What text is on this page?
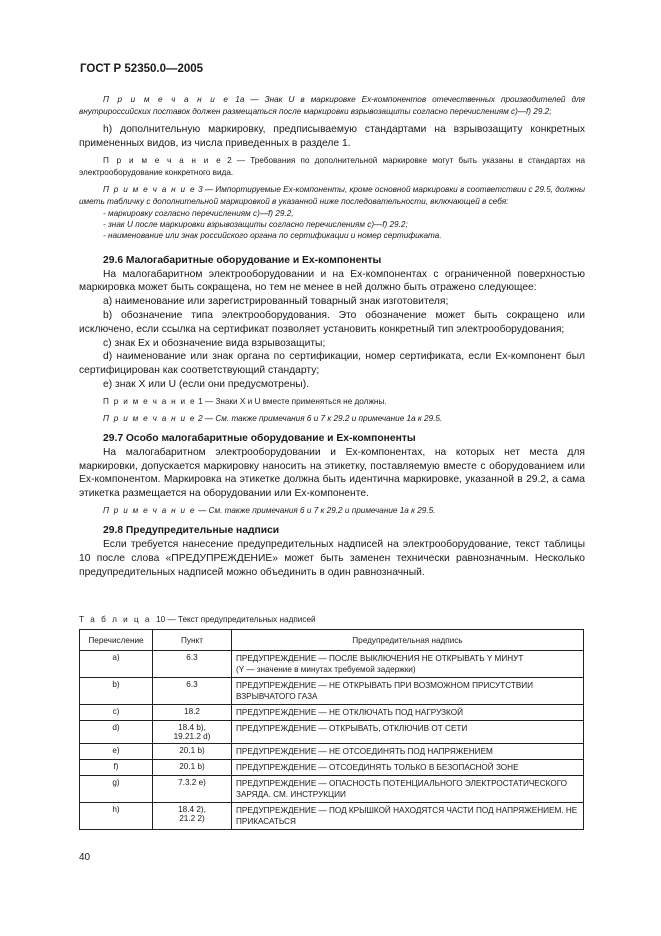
ГОСТ Р 52350.0—2005

П р и м е ч а н и е 1а — Знак U в маркировке Ex-компонентов отечественных производителей для внутрироссийских поставок должен размещаться после маркировки взрывозащиты согласно перечислениям c)—f) 29.2;

h) дополнительную маркировку, предписываемую стандартами на взрывозащиту конкретных примененных видов, из числа приведенных в разделе 1.

П р и м е ч а н и е 2 — Требования по дополнительной маркировке могут быть указаны в стандартах на электрооборудование конкретного вида.

П р и м е ч а н и е 3 — Импортируемые Ex-компоненты, кроме основной маркировки в соответствии с 29.5, должны иметь табличку с дополнительной маркировкой в указанной ниже последовательности, включающей в себя:

- маркировку согласно перечислениям c)—f) 29.2,

- знак U после маркировки взрывозащиты согласно перечислениям c)—f) 29.2;

- наименование или знак российского органа по сертификации и номер сертификата.

29.6 Малогабаритные оборудование и Ex-компоненты

На малогабаритном электрооборудовании и на Ex-компонентах с ограниченной поверхностью маркировка может быть сокращена, но тем не менее в ней должно быть отражено следующее:

a) наименование или зарегистрированный товарный знак изготовителя;

b) обозначение типа электрооборудования. Это обозначение может быть сокращено или исключено, если ссылка на сертификат позволяет установить конкретный тип электрооборудования;

c) знак Ex и обозначение вида взрывозащиты;

d) наименование или знак органа по сертификации, номер сертификата, если Ex-компонент был сертифицирован как соответствующий стандарту;

e) знак X или U (если они предусмотрены).

П р и м е ч а н и е 1 — Знаки X и U вместе применяться не должны.

П р и м е ч а н и е 2 — См. также примечания 6 и 7 к 29.2 и примечание 1а к 29.5.

29.7 Особо малогабаритные оборудование и Ex-компоненты

На малогабаритном электрооборудовании и Ex-компонентах, на которых нет места для маркировки, допускается маркировку наносить на этикетку, поставляемую вместе с оборудованием или Ex-компонентом. Маркировка на этикетке должна быть идентична маркировке, указанной в 29.2, а сама этикетка размещается на оборудовании или Ex-компоненте.

П р и м е ч а н и е — См. также примечания 6 и 7 к 29.2 и примечание 1а к 29.5.

29.8 Предупредительные надписи

Если требуется нанесение предупредительных надписей на электрооборудование, текст таблицы 10 после слова «ПРЕДУПРЕЖДЕНИЕ» может быть заменен технически равнозначным. Несколько предупредительных надписей можно объединить в один равнозначный.

Т а б л и ц а 10 — Текст предупредительных надписей
Перечисление	Пункт	Предупредительная надпись
a)	6.3	ПРЕДУПРЕЖДЕНИЕ — ПОСЛЕ ВЫКЛЮЧЕНИЯ НЕ ОТКРЫВАТЬ Y МИНУТ
(Y — значение в минутах требуемой задержки)
b)	6.3	ПРЕДУПРЕЖДЕНИЕ — НЕ ОТКРЫВАТЬ ПРИ ВОЗМОЖНОМ ПРИСУТСТВИИ ВЗРЫВЧАТОГО ГАЗА
c)	18.2	ПРЕДУПРЕЖДЕНИЕ — НЕ ОТКЛЮЧАТЬ ПОД НАГРУЗКОЙ
d)	18.4 b),
19.21.2 d)	ПРЕДУПРЕЖДЕНИЕ — ОТКРЫВАТЬ, ОТКЛЮЧИВ ОТ СЕТИ
e)	20.1 b)	ПРЕДУПРЕЖДЕНИЕ — НЕ ОТСОЕДИНЯТЬ ПОД НАПРЯЖЕНИЕМ
f)	20.1 b)	ПРЕДУПРЕЖДЕНИЕ — ОТСОЕДИНЯТЬ ТОЛЬКО В БЕЗОПАСНОЙ ЗОНЕ
g)	7.3.2 e)	ПРЕДУПРЕЖДЕНИЕ — ОПАСНОСТЬ ПОТЕНЦИАЛЬНОГО ЭЛЕКТРОСТАТИЧЕСКОГО ЗАРЯДА. СМ. ИНСТРУКЦИИ
h)	18.4 2),
21.2 2)	ПРЕДУПРЕЖДЕНИЕ — ПОД КРЫШКОЙ НАХОДЯТСЯ ЧАСТИ ПОД НАПРЯЖЕНИЕМ. НЕ ПРИКАСАТЬСЯ
40
